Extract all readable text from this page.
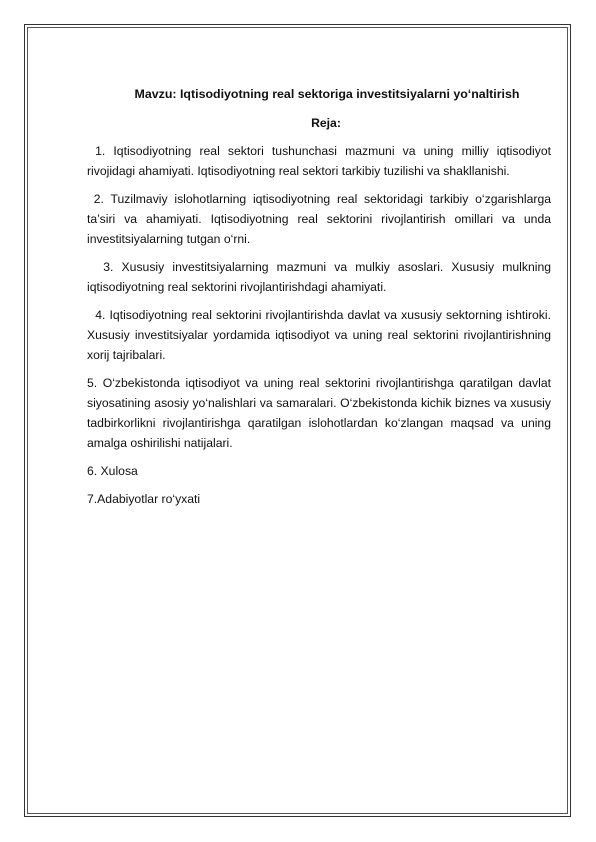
Mavzu: Iqtisodiyotning real sektoriga investitsiyalarni yo‘naltirish

Reja:

1. Iqtisodiyotning real sektori tushunchasi mazmuni va uning milliy iqtisodiyot rivojidagi ahamiyati. Iqtisodiyotning real sektori tarkibiy tuzilishi va shakllanishi.

2. Tuzilmaviy islohotlarning iqtisodiyotning real sektoridagi tarkibiy o‘zgarishlarga ta’siri va ahamiyati. Iqtisodiyotning real sektorini rivojlantirish omillari va unda investitsiyalarning tutgan o‘rni.

3. Xususiy investitsiyalarning mazmuni va mulkiy asoslari. Xususiy mulkning iqtisodiyotning real sektorini rivojlantirishdagi ahamiyati.

4. Iqtisodiyotning real sektorini rivojlantirishda davlat va xususiy sektorning ishtiroki. Xususiy investitsiyalar yordamida iqtisodiyot va uning real sektorini rivojlantirishning xorij tajribalari.

5. O‘zbekistonda iqtisodiyot va uning real sektorini rivojlantirishga qaratilgan davlat siyosatining asosiy yo‘nalishlari va samaralari. O‘zbekistonda kichik biznes va xususiy tadbirkorlikni rivojlantirishga qaratilgan islohotlardan ko‘zlangan maqsad va uning amalga oshirilishi natijalari.

6. Xulosa

7.Adabiyotlar ro‘yxati
